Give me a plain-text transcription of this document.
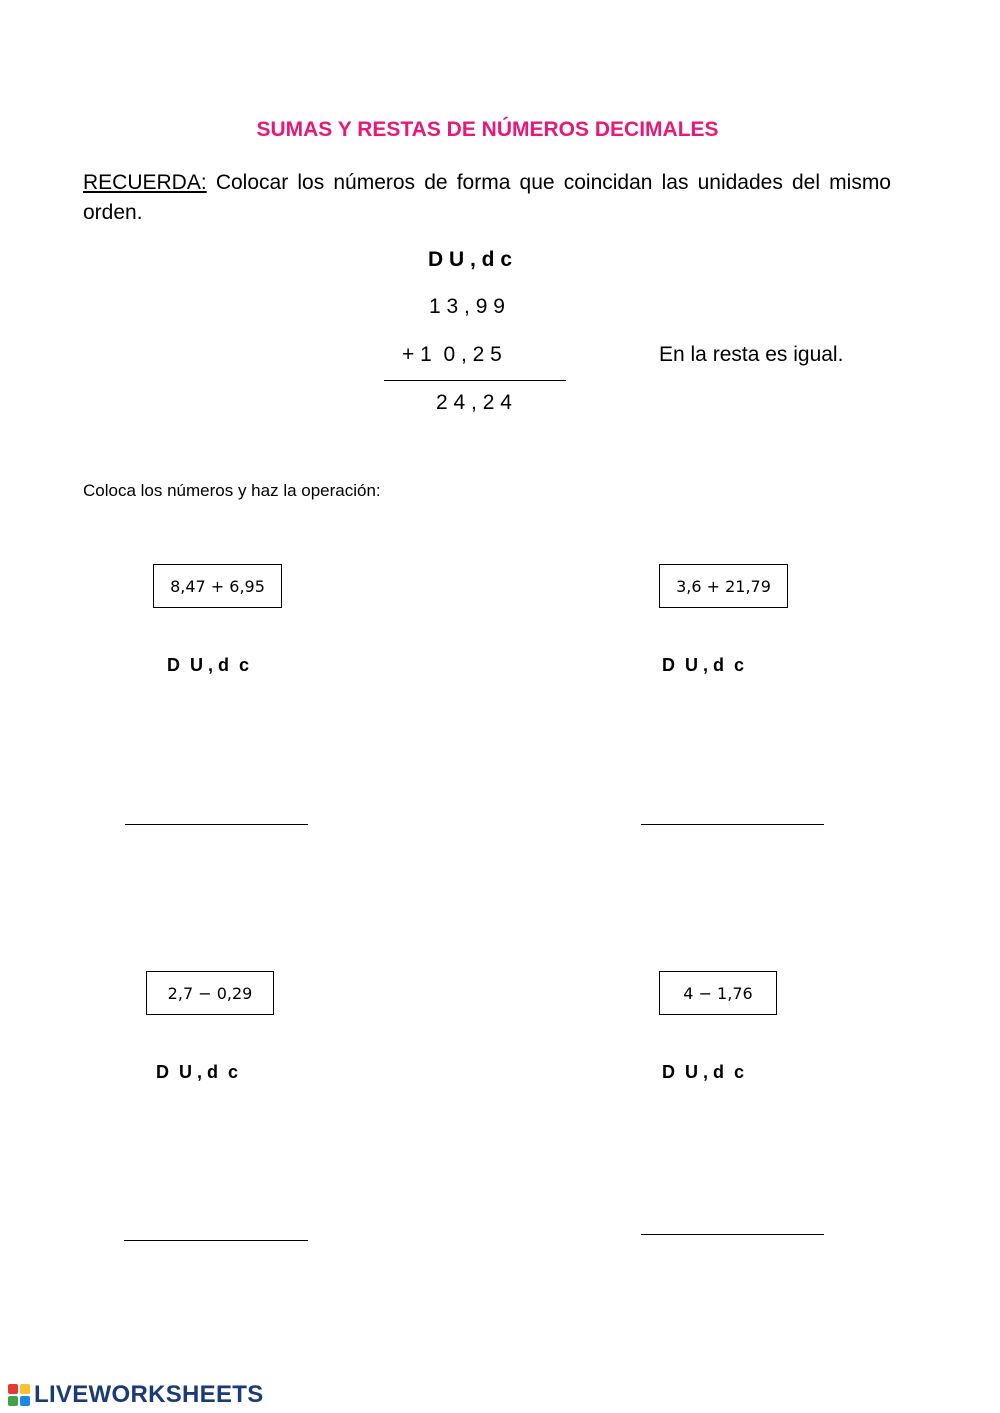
SUMAS Y RESTAS DE NÚMEROS DECIMALES
RECUERDA: Colocar los números de forma que coincidan las unidades del mismo orden.
D U , d c
1 3 , 9 9
+ 1  0 , 2 5
2 4 , 2 4
En la resta es igual.
Coloca los números y haz la operación:
8,47 + 6,95
D  U , d  c
3,6 + 21,79
D  U , d  c
2,7 − 0,29
D  U , d  c
4 − 1,76
D  U , d  c
LIVEWORKSHEETS
